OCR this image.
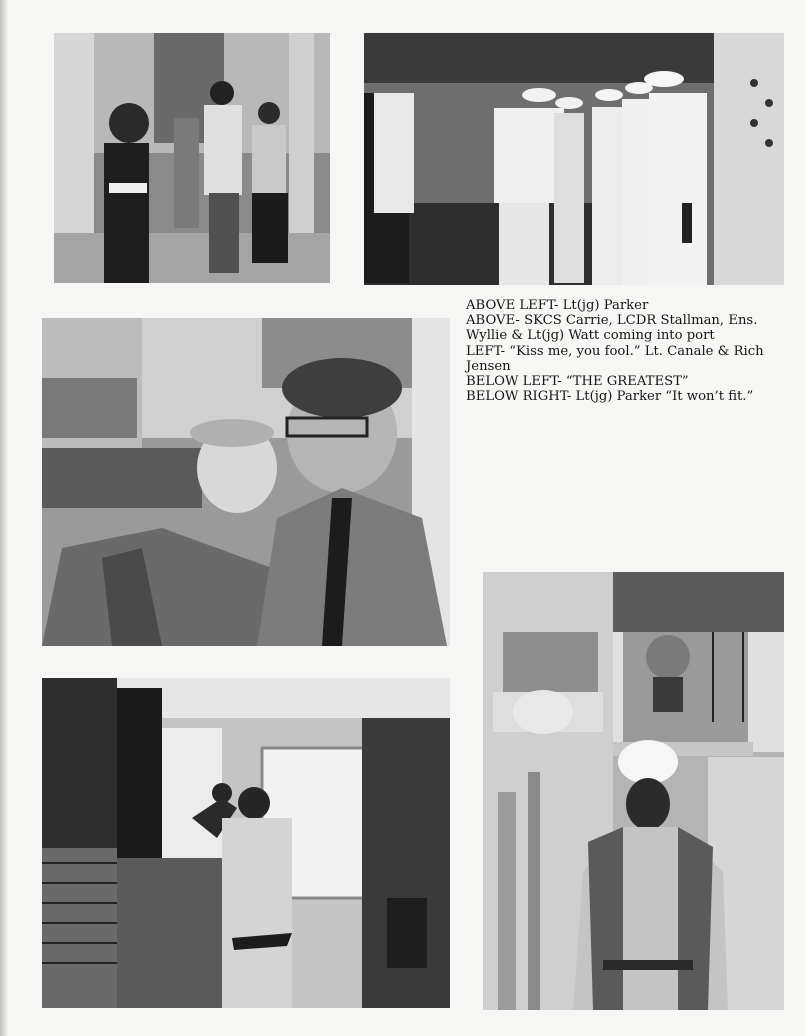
ABOVE LEFT- Lt(jg) Parker

ABOVE- SKCS Carrie, LCDR Stallman, Ens. Wyllie & Lt(jg) Watt coming into port

LEFT- “Kiss me, you fool.” Lt. Canale & Rich Jensen

BELOW LEFT- “THE GREATEST”

BELOW RIGHT- Lt(jg) Parker “It won’t fit.”
